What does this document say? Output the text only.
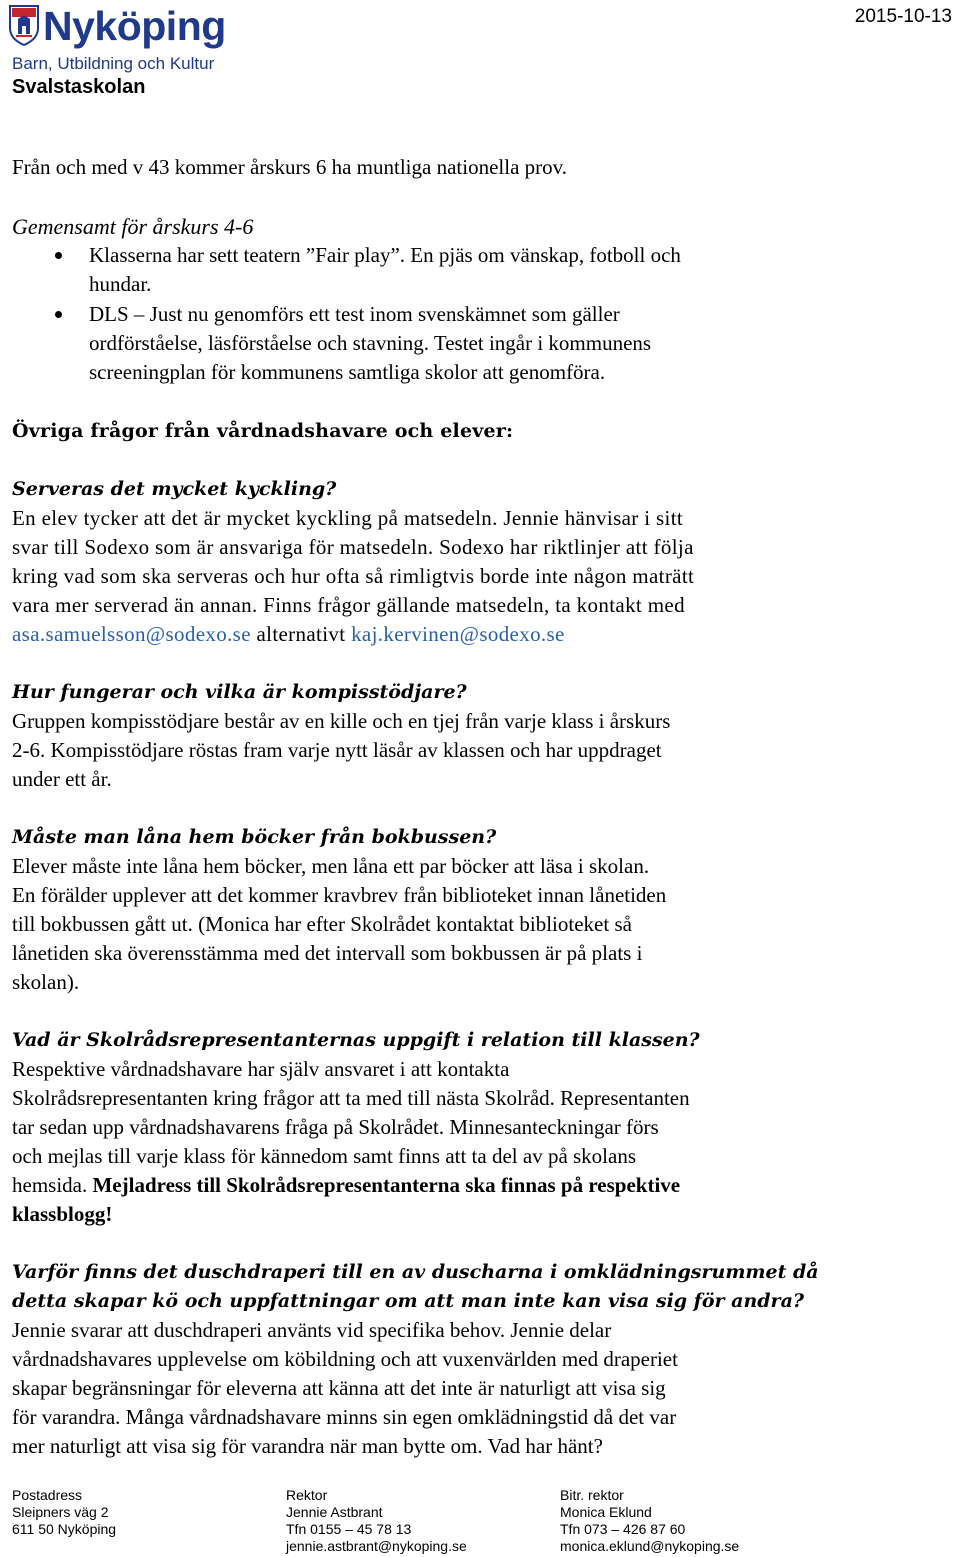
Nyköping
Barn, Utbildning och Kultur
Svalstaskolan
2015-10-13
Från och med v 43 kommer årskurs 6 ha muntliga nationella prov.
Gemensamt för årskurs 4-6
Klasserna har sett teatern ”Fair play”. En pjäs om vänskap, fotboll och
hundar.
DLS – Just nu genomförs ett test inom svenskämnet som gäller
ordförståelse, läsförståelse och stavning. Testet ingår i kommunens
screeningplan för kommunens samtliga skolor att genomföra.
Övriga frågor från vårdnadshavare och elever:
Serveras det mycket kyckling?
En elev tycker att det är mycket kyckling på matsedeln. Jennie hänvisar i sitt
svar till Sodexo som är ansvariga för matsedeln. Sodexo har riktlinjer att följa
kring vad som ska serveras och hur ofta så rimligtvis borde inte någon maträtt
vara mer serverad än annan. Finns frågor gällande matsedeln, ta kontakt med
asa.samuelsson@sodexo.se alternativt kaj.kervinen@sodexo.se
Hur fungerar och vilka är kompisstödjare?
Gruppen kompisstödjare består av en kille och en tjej från varje klass i årskurs
2-6. Kompisstödjare röstas fram varje nytt läsår av klassen och har uppdraget
under ett år.
Måste man låna hem böcker från bokbussen?
Elever måste inte låna hem böcker, men låna ett par böcker att läsa i skolan.
En förälder upplever att det kommer kravbrev från biblioteket innan lånetiden
till bokbussen gått ut. (Monica har efter Skolrådet kontaktat biblioteket så
lånetiden ska överensstämma med det intervall som bokbussen är på plats i
skolan).
Vad är Skolrådsrepresentanternas uppgift i relation till klassen?
Respektive vårdnadshavare har själv ansvaret i att kontakta
Skolrådsrepresentanten kring frågor att ta med till nästa Skolråd. Representanten
tar sedan upp vårdnadshavarens fråga på Skolrådet. Minnesanteckningar förs
och mejlas till varje klass för kännedom samt finns att ta del av på skolans
hemsida. Mejladress till Skolrådsrepresentanterna ska finnas på respektive
klassblogg!
Varför finns det duschdraperi till en av duscharna i omklädningsrummet då
detta skapar kö och uppfattningar om att man inte kan visa sig för andra?
Jennie svarar att duschdraperi använts vid specifika behov. Jennie delar
vårdnadshavares upplevelse om köbildning och att vuxenvärlden med draperiet
skapar begränsningar för eleverna att känna att det inte är naturligt att visa sig
för varandra. Många vårdnadshavare minns sin egen omklädningstid då det var
mer naturligt att visa sig för varandra när man bytte om. Vad har hänt?
Postadress
Sleipners väg 2
611 50 Nyköping
Rektor
Jennie Astbrant
Tfn 0155 – 45 78 13
jennie.astbrant@nykoping.se
Bitr. rektor
Monica Eklund
Tfn 073 – 426 87 60
monica.eklund@nykoping.se
